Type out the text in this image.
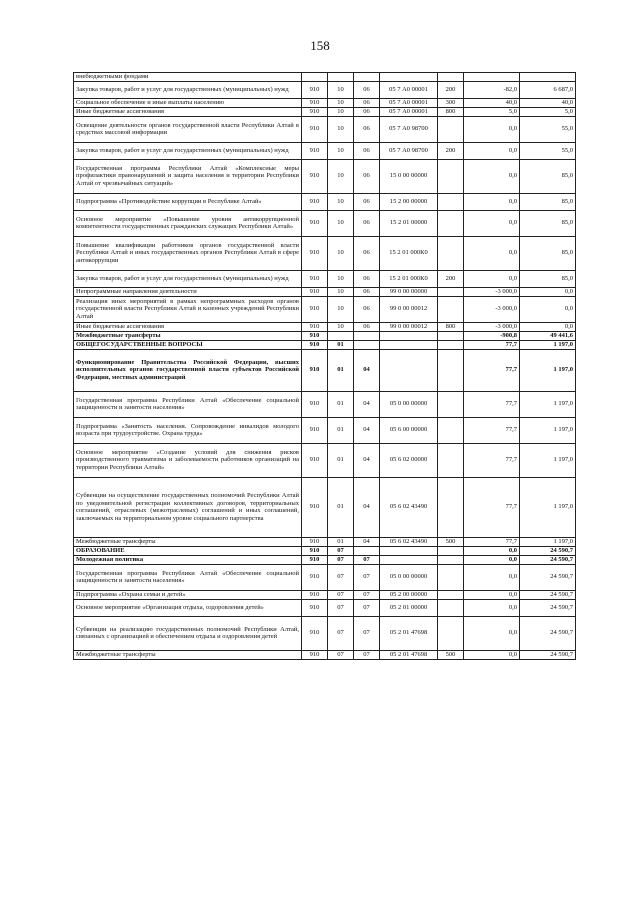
158
внебюджетными фондами							
Закупка товаров, работ и услуг для государственных (муниципальных) нужд	910	10	06	05 7 А0 00001	200	-82,0	6 687,0
Социальное обеспечение и иные выплаты населению	910	10	06	05 7 А0 00001	300	40,0	40,0
Иные бюджетные ассигнования	910	10	06	05 7 А0 00001	800	5,0	5,0
Освещение деятельности органов государственной власти Республики Алтай в средствах массовой информации	910	10	06	05 7 А0 98700		0,0	55,0
Закупка товаров, работ и услуг для государственных (муниципальных) нужд	910	10	06	05 7 А0 98700	200	0,0	55,0
Государственная программа Республики Алтай «Комплексные меры профилактики правонарушений и защита населения и территории Республики Алтай от чрезвычайных ситуаций»	910	10	06	15 0 00 00000		0,0	85,0
Подпрограмма «Противодействие коррупции в Республике Алтай»	910	10	06	15 2 00 00000		0,0	85,0
Основное мероприятие «Повышение уровня антикоррупционной компетентности государственных гражданских служащих Республики Алтай»	910	10	06	15 2 01 00000		0,0	85,0
Повышение квалификации работников органов государственной власти Республики Алтай и иных государственных органов Республики Алтай в сфере антикоррупции	910	10	06	15 2 01 000К0		0,0	85,0
Закупка товаров, работ и услуг для государственных (муниципальных) нужд	910	10	06	15 2 01 000К0	200	0,0	85,0
Непрограммные направления деятельности	910	10	06	99 0 00 00000		-3 000,0	0,0
Реализация иных мероприятий в рамках непрограммных расходов органов государственной власти Республики Алтай и казенных учреждений Республики Алтай	910	10	06	99 0 00 00012		-3 000,0	0,0
Иные бюджетные ассигнования	910	10	06	99 0 00 00012	800	-3 000,0	0,0
Межбюджетные трансферты	910					-900,8	49 441,6
ОБЩЕГОСУДАРСТВЕННЫЕ ВОПРОСЫ	910	01				77,7	1 197,0
Функционирование Правительства Российской Федерации, высших исполнительных органов государственной власти субъектов Российской Федерации, местных администраций	910	01	04			77,7	1 197,0
Государственная программа Республики Алтай «Обеспечение социальной защищенности и занятости населения»	910	01	04	05 0 00 00000		77,7	1 197,0
Подпрограмма «Занятость населения. Сопровождение инвалидов молодого возраста при трудоустройстве. Охрана труда»	910	01	04	05 6 00 00000		77,7	1 197,0
Основное мероприятие «Создание условий для снижения рисков производственного травматизма и заболеваемости работников организаций на территории Республики Алтай»	910	01	04	05 6 02 00000		77,7	1 197,0
Субвенции на осуществление государственных полномочий Республики Алтай по уведомительной регистрации коллективных договоров, территориальных соглашений, отраслевых (межотраслевых) соглашений и иных соглашений, заключаемых на территориальном уровне социального партнерства	910	01	04	05 6 02 43490		77,7	1 197,0
Межбюджетные трансферты	910	01	04	05 6 02 43490	500	77,7	1 197,0
ОБРАЗОВАНИЕ	910	07				0,0	24 590,7
Молодежная политика	910	07	07			0,0	24 590,7
Государственная программа Республики Алтай «Обеспечение социальной защищенности и занятости населения»	910	07	07	05 0 00 00000		0,0	24 590,7
Подпрограмма «Охрана семьи и детей»	910	07	07	05 2 00 00000		0,0	24 590,7
Основное мероприятие «Организация отдыха, оздоровления детей»	910	07	07	05 2 01 00000		0,0	24 590,7
Субвенции на реализацию государственных полномочий Республики Алтай, связанных с организацией и обеспечением отдыха и оздоровления детей	910	07	07	05 2 01 47698		0,0	24 590,7
Межбюджетные трансферты	910	07	07	05 2 01 47698	500	0,0	24 590,7
